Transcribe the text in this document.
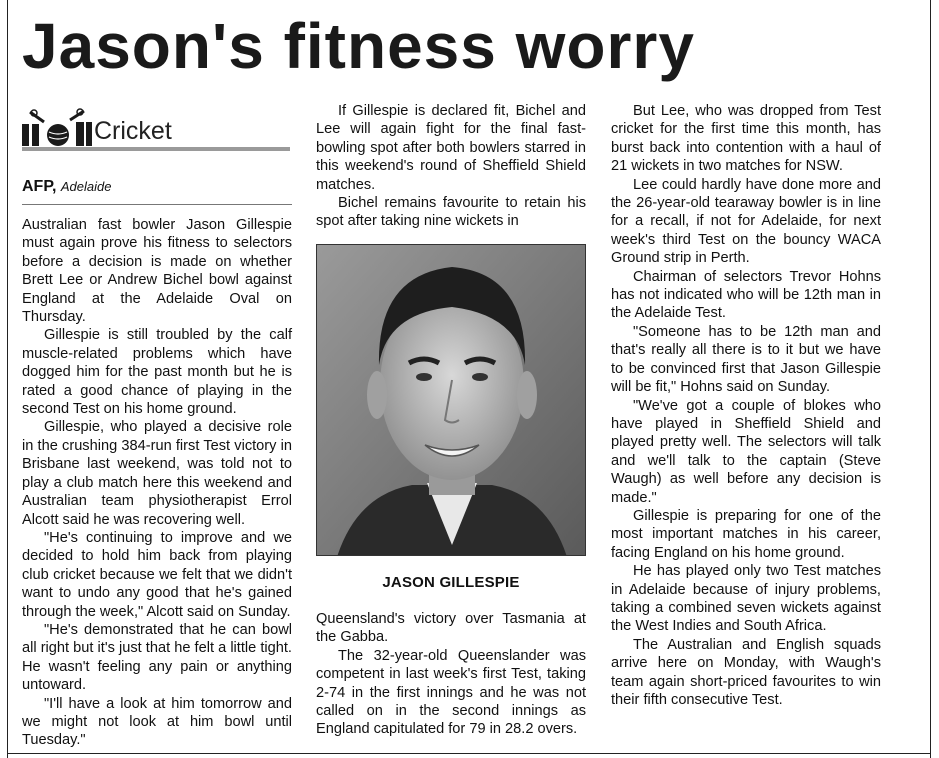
Jason's fitness worry
Cricket
AFP, Adelaide

Australian fast bowler Jason Gillespie must again prove his fitness to selectors before a decision is made on whether Brett Lee or Andrew Bichel bowl against England at the Adelaide Oval on Thursday.

Gillespie is still troubled by the calf muscle-related problems which have dogged him for the past month but he is rated a good chance of playing in the second Test on his home ground.

Gillespie, who played a decisive role in the crushing 384-run first Test victory in Brisbane last weekend, was told not to play a club match here this weekend and Australian team physiotherapist Errol Alcott said he was recovering well.

"He's continuing to improve and we decided to hold him back from playing club cricket because we felt that we didn't want to undo any good that he's gained through the week," Alcott said on Sunday.

"He's demonstrated that he can bowl all right but it's just that he felt a little tight. He wasn't feeling any pain or anything untoward.

"I'll have a look at him tomorrow and we might not look at him bowl until Tuesday."

If Gillespie is declared fit, Bichel and Lee will again fight for the final fast-bowling spot after both bowlers starred in this weekend's round of Sheffield Shield matches.

Bichel remains favourite to retain his spot after taking nine wickets in

JASON GILLESPIE

Queensland's victory over Tasmania at the Gabba.

The 32-year-old Queenslander was competent in last week's first Test, taking 2-74 in the first innings and he was not called on in the second innings as England capitulated for 79 in 28.2 overs.

But Lee, who was dropped from Test cricket for the first time this month, has burst back into contention with a haul of 21 wickets in two matches for NSW.

Lee could hardly have done more and the 26-year-old tearaway bowler is in line for a recall, if not for Adelaide, for next week's third Test on the bouncy WACA Ground strip in Perth.

Chairman of selectors Trevor Hohns has not indicated who will be 12th man in the Adelaide Test.

"Someone has to be 12th man and that's really all there is to it but we have to be convinced first that Jason Gillespie will be fit," Hohns said on Sunday.

"We've got a couple of blokes who have played in Sheffield Shield and played pretty well. The selectors will talk and we'll talk to the captain (Steve Waugh) as well before any decision is made."

Gillespie is preparing for one of the most important matches in his career, facing England on his home ground.

He has played only two Test matches in Adelaide because of injury problems, taking a combined seven wickets against the West Indies and South Africa.

The Australian and English squads arrive here on Monday, with Waugh's team again short-priced favourites to win their fifth consecutive Test.
